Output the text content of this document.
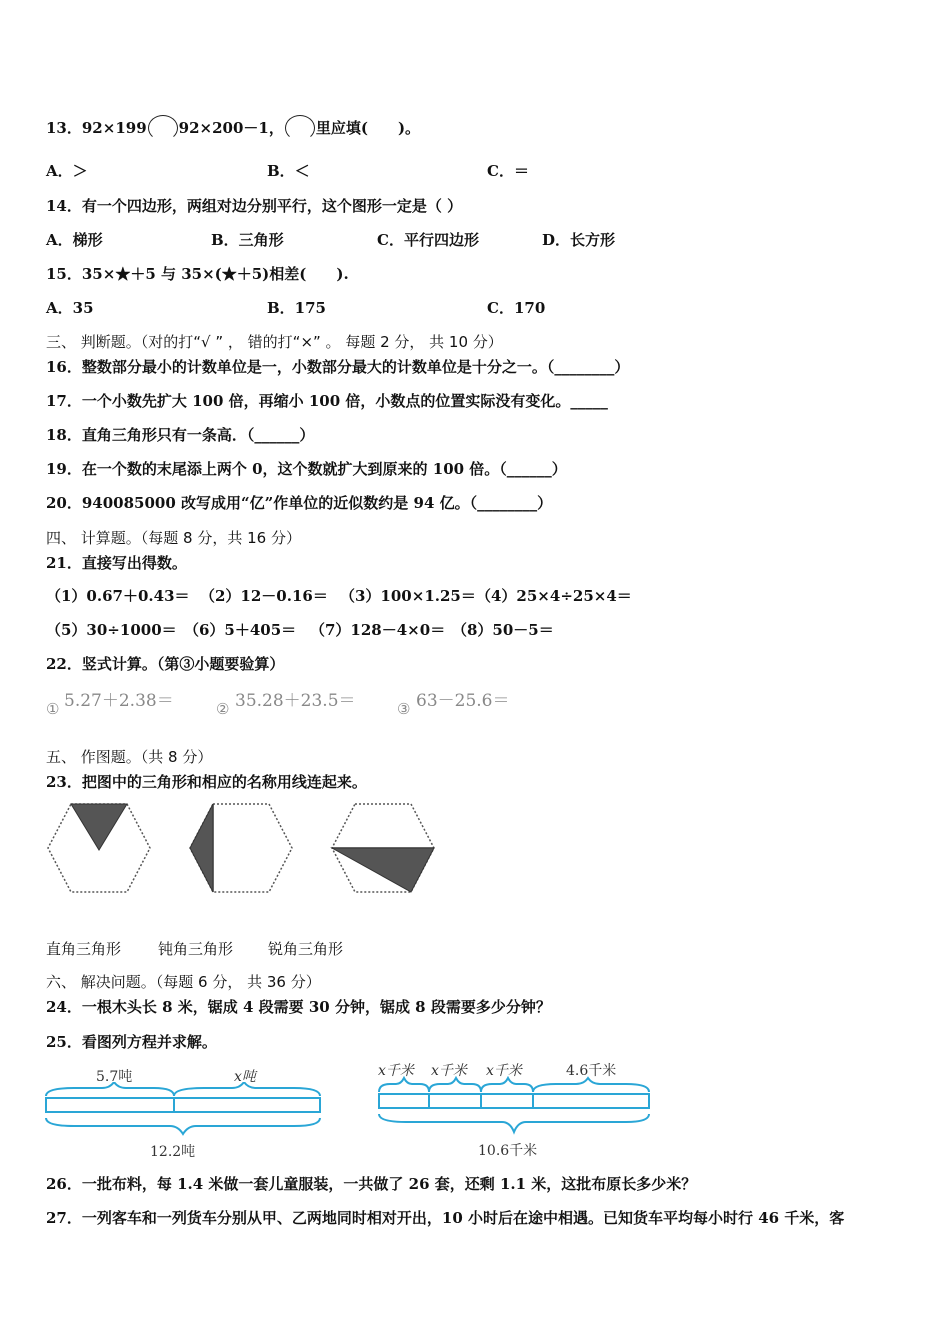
13．92×199 92×200－1， 里应填(　　)。
A．＞	B．＜	C．＝
14．有一个四边形，两组对边分别平行，这个图形一定是（ ）
A．梯形	B．三角形	C．平行四边形	D．长方形
15．35×★＋5 与 35×(★＋5)相差(　　).
A．35	B．175	C．170
三、 判断题。（对的打“√ ” ， 错的打“×” 。 每题 2 分， 共 10 分）
16．整数部分最小的计数单位是一，小数部分最大的计数单位是十分之一。（________）
17．一个小数先扩大 100 倍，再缩小 100 倍，小数点的位置实际没有变化。_____
18．直角三角形只有一条高．（______）
19．在一个数的末尾添上两个 0，这个数就扩大到原来的 100 倍。（______）
20．940085000 改写成用“亿”作单位的近似数约是 94 亿。（________）
四、 计算题。（每题 8 分，共 16 分）
21．直接写出得数。
（1）0.67＋0.43＝ （2）12－0.16＝ （3）100×1.25＝ （4）25×4÷25×4＝
（5）30÷1000＝ （6）5＋405＝ （7）128－4×0＝ （8）50－5＝
22．竖式计算。（第③小题要验算）
① 5.27＋2.38＝	② 35.28＋23.5＝	③ 63－25.6＝
五、 作图题。（共 8 分）
23．把图中的三角形和相应的名称用线连起来。
直角三角形 钝角三角形 锐角三角形
六、 解决问题。（每题 6 分， 共 36 分）
24．一根木头长 8 米，锯成 4 段需要 30 分钟，锯成 8 段需要多少分钟？
25．看图列方程并求解。
5.7吨	x吨
12.2吨
x千米 x千米 x千米	4.6千米
10.6千米
26．一批布料，每 1.4 米做一套儿童服装，一共做了 26 套，还剩 1.1 米，这批布原长多少米？
27．一列客车和一列货车分别从甲、乙两地同时相对开出，10 小时后在途中相遇。已知货车平均每小时行 46 千米，客
